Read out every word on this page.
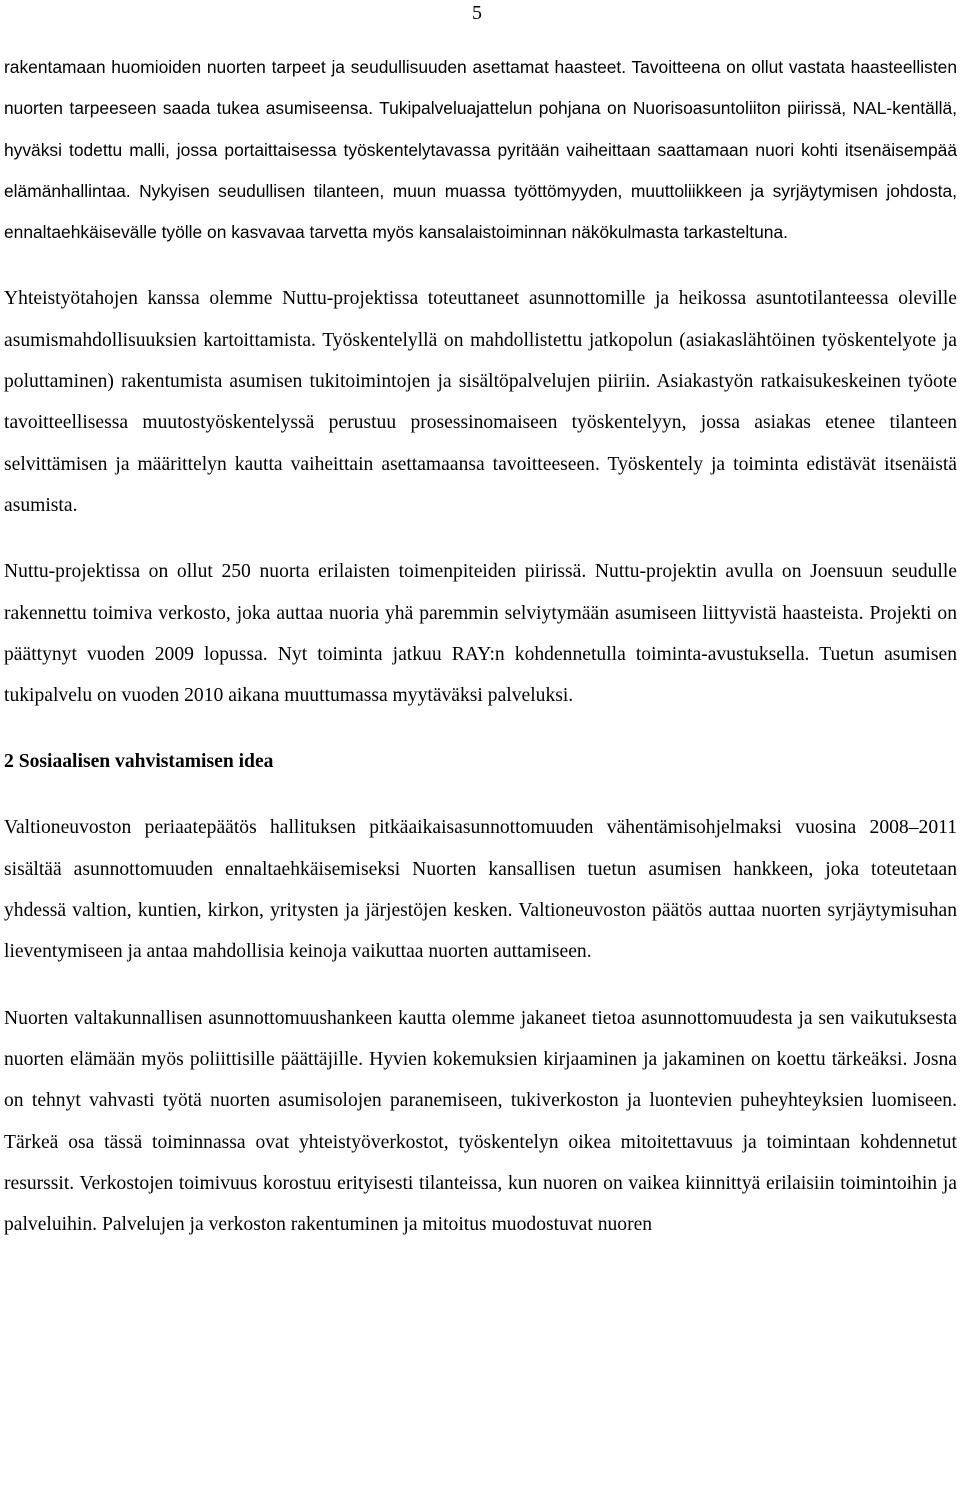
5

rakentamaan huomioiden nuorten tarpeet ja seudullisuuden asettamat haasteet. Tavoitteena on ollut vastata haasteellisten nuorten tarpeeseen saada tukea asumiseensa. Tukipalveluajattelun pohjana on Nuorisoasuntoliiton piirissä, NAL-kentällä, hyväksi todettu malli, jossa portaittaisessa työskentelytavassa pyritään vaiheittaan saattamaan nuori kohti itsenäisempää elämänhallintaa. Nykyisen seudullisen tilanteen, muun muassa työttömyyden, muuttoliikkeen ja syrjäytymisen johdosta, ennaltaehkäisevälle työlle on kasvavaa tarvetta myös kansalaistoiminnan näkökulmasta tarkasteltuna.

Yhteistyötahojen kanssa olemme Nuttu-projektissa toteuttaneet asunnottomille ja heikossa asuntotilanteessa oleville asumismahdollisuuksien kartoittamista. Työskentelyllä on mahdollistettu jatkopolun (asiakaslähtöinen työskentelyote ja poluttaminen) rakentumista asumisen tukitoimintojen ja sisältöpalvelujen piiriin. Asiakastyön ratkaisukeskeinen työote tavoitteellisessa muutostyöskentelyssä perustuu prosessinomaiseen työskentelyyn, jossa asiakas etenee tilanteen selvittämisen ja määrittelyn kautta vaiheittain asettamaansa tavoitteeseen. Työskentely ja toiminta edistävät itsenäistä asumista.

Nuttu-projektissa on ollut 250 nuorta erilaisten toimenpiteiden piirissä. Nuttu-projektin avulla on Joensuun seudulle rakennettu toimiva verkosto, joka auttaa nuoria yhä paremmin selviytymään asumiseen liittyvistä haasteista. Projekti on päättynyt vuoden 2009 lopussa. Nyt toiminta jatkuu RAY:n kohdennetulla toiminta-avustuksella. Tuetun asumisen tukipalvelu on vuoden 2010 aikana muuttumassa myytäväksi palveluksi.

2 Sosiaalisen vahvistamisen idea

Valtioneuvoston periaatepäätös hallituksen pitkäaikaisasunnottomuuden vähentämisohjelmaksi vuosina 2008–2011 sisältää asunnottomuuden ennaltaehkäisemiseksi Nuorten kansallisen tuetun asumisen hankkeen, joka toteutetaan yhdessä valtion, kuntien, kirkon, yritysten ja järjestöjen kesken. Valtioneuvoston päätös auttaa nuorten syrjäytymisuhan lieventymiseen ja antaa mahdollisia keinoja vaikuttaa nuorten auttamiseen.

Nuorten valtakunnallisen asunnottomuushankeen kautta olemme jakaneet tietoa asunnottomuudesta ja sen vaikutuksesta nuorten elämään myös poliittisille päättäjille. Hyvien kokemuksien kirjaaminen ja jakaminen on koettu tärkeäksi. Josna on tehnyt vahvasti työtä nuorten asumisolojen paranemiseen, tukiverkoston ja luontevien puheyhteyksien luomiseen. Tärkeä osa tässä toiminnassa ovat yhteistyöverkostot, työskentelyn oikea mitoitettavuus ja toimintaan kohdennetut resurssit. Verkostojen toimivuus korostuu erityisesti tilanteissa, kun nuoren on vaikea kiinnittyä erilaisiin toimintoihin ja palveluihin. Palvelujen ja verkoston rakentuminen ja mitoitus muodostuvat nuoren
